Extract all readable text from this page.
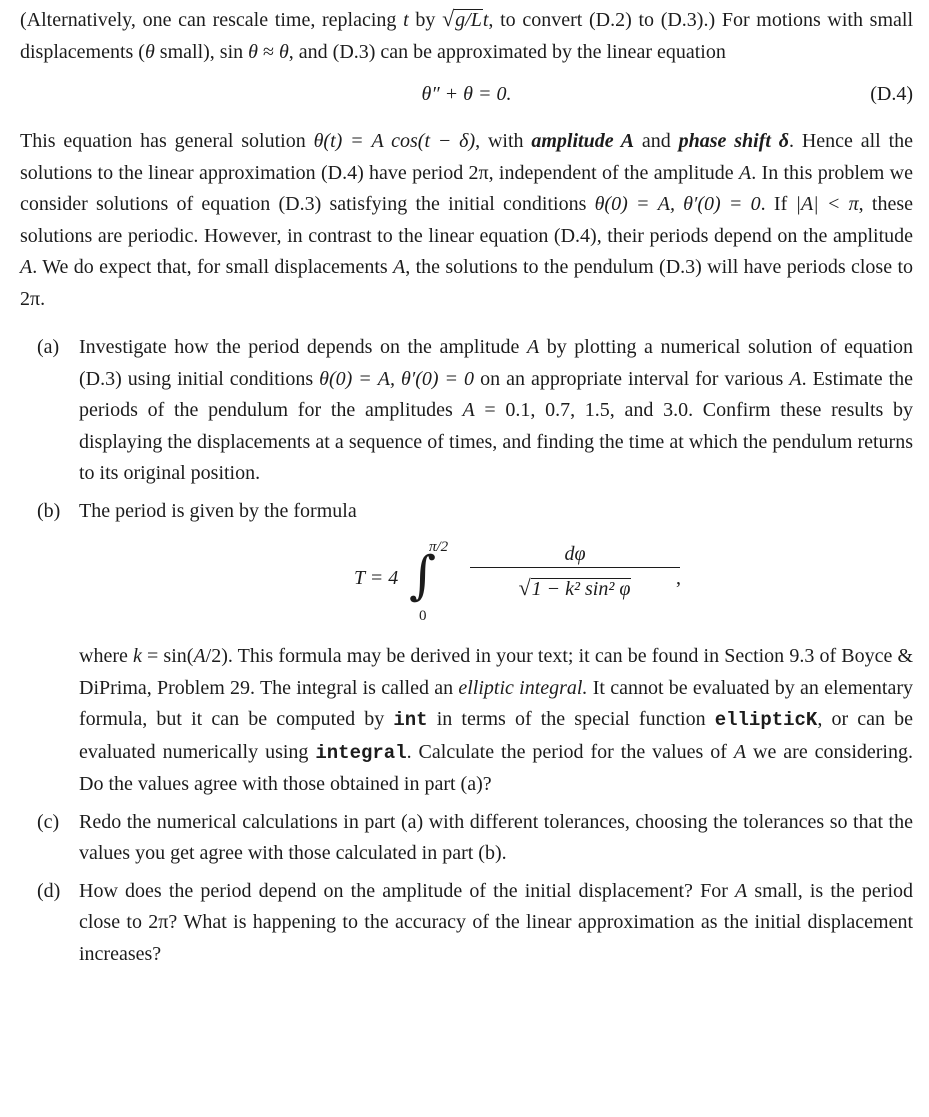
(Alternatively, one can rescale time, replacing t by √g/Lt, to convert (D.2) to (D.3).) For motions with small displacements (θ small), sin θ ≈ θ, and (D.3) can be approximated by the linear equation

θ″ + θ = 0.	(D.4)

This equation has general solution θ(t) = A cos(t − δ), with amplitude A and phase shift δ. Hence all the solutions to the linear approximation (D.4) have period 2π, independent of the amplitude A. In this problem we consider solutions of equation (D.3) satisfying the initial conditions θ(0) = A, θ′(0) = 0. If |A| < π, these solutions are periodic. However, in contrast to the linear equation (D.4), their periods depend on the amplitude A. We do expect that, for small displacements A, the solutions to the pendulum (D.3) will have periods close to 2π.

(a) Investigate how the period depends on the amplitude A by plotting a numerical solution of equation (D.3) using initial conditions θ(0) = A, θ′(0) = 0 on an appropriate interval for various A. Estimate the periods of the pendulum for the amplitudes A = 0.1, 0.7, 1.5, and 3.0. Confirm these results by displaying the displacements at a sequence of times, and finding the time at which the pendulum returns to its original position.
(b) The period is given by the formula
T = 4 ∫
π/2
0
dφ
√1 − k² sin² φ	,
where k = sin(A/2). This formula may be derived in your text; it can be found in Section 9.3 of Boyce & DiPrima, Problem 29. The integral is called an elliptic integral. It cannot be evaluated by an elementary formula, but it can be computed by int in terms of the special function ellipticK, or can be evaluated numerically using integral. Calculate the period for the values of A we are considering. Do the values agree with those obtained in part (a)?
(c) Redo the numerical calculations in part (a) with different tolerances, choosing the tolerances so that the values you get agree with those calculated in part (b).
(d) How does the period depend on the amplitude of the initial displacement? For A small, is the period close to 2π? What is happening to the accuracy of the linear approximation as the initial displacement increases?
